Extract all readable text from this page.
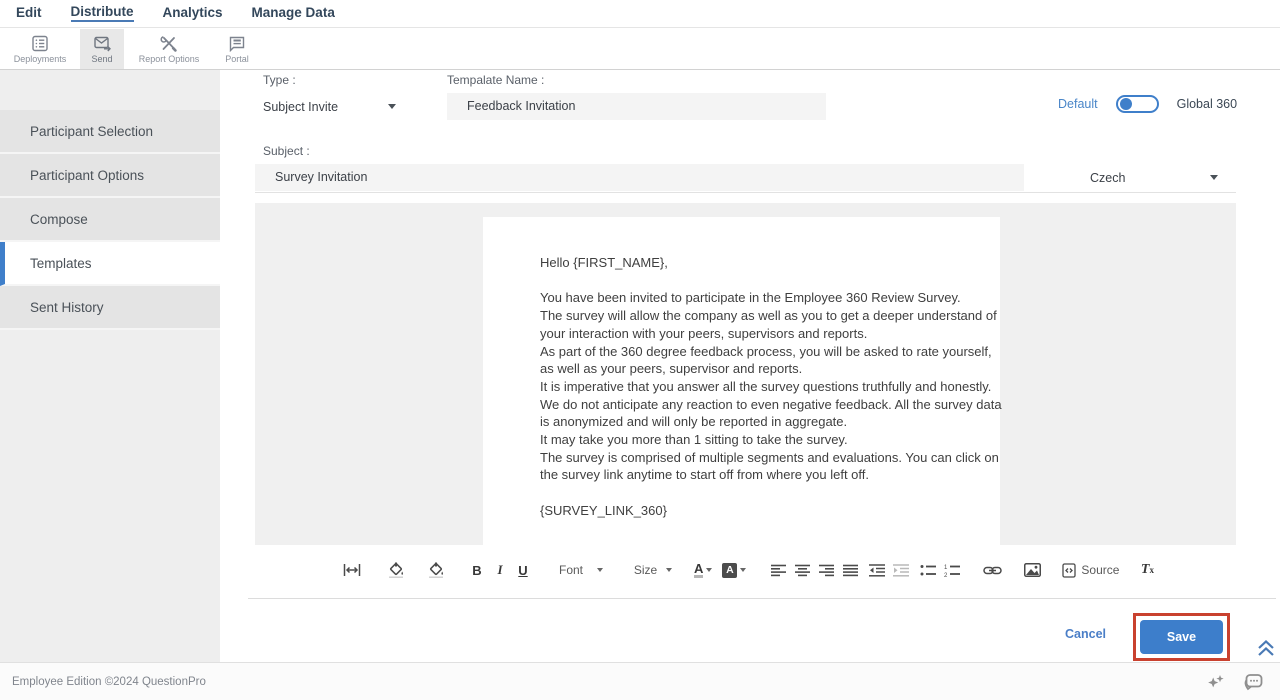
Edit Distribute Analytics Manage Data
Deployments	Send	Report Options	Portal
Participant Selection
Participant Options
Compose
Templates
Sent History
Type :
Subject Invite
Tempalate Name :
Feedback Invitation	Default	Global 360
Subject :
Survey Invitation	Czech
Hello {FIRST_NAME},
You have been invited to participate in the Employee 360 Review Survey.
The survey will allow the company as well as you to get a deeper understand of
your interaction with your peers, supervisors and reports.
As part of the 360 degree feedback process, you will be asked to rate yourself,
as well as your peers, supervisor and reports.
It is imperative that you answer all the survey questions truthfully and honestly.
We do not anticipate any reaction to even negative feedback. All the survey data
is anonymized and will only be reported in aggregate.
It may take you more than 1 sitting to take the survey.
The survey is comprised of multiple segments and evaluations. You can click on
the survey link anytime to start off from where you left off.
{SURVEY_LINK_360}
B	I	U	Font	Size	A	A	1
2	Source T x
Cancel	Save
Employee Edition ©2024 QuestionPro
